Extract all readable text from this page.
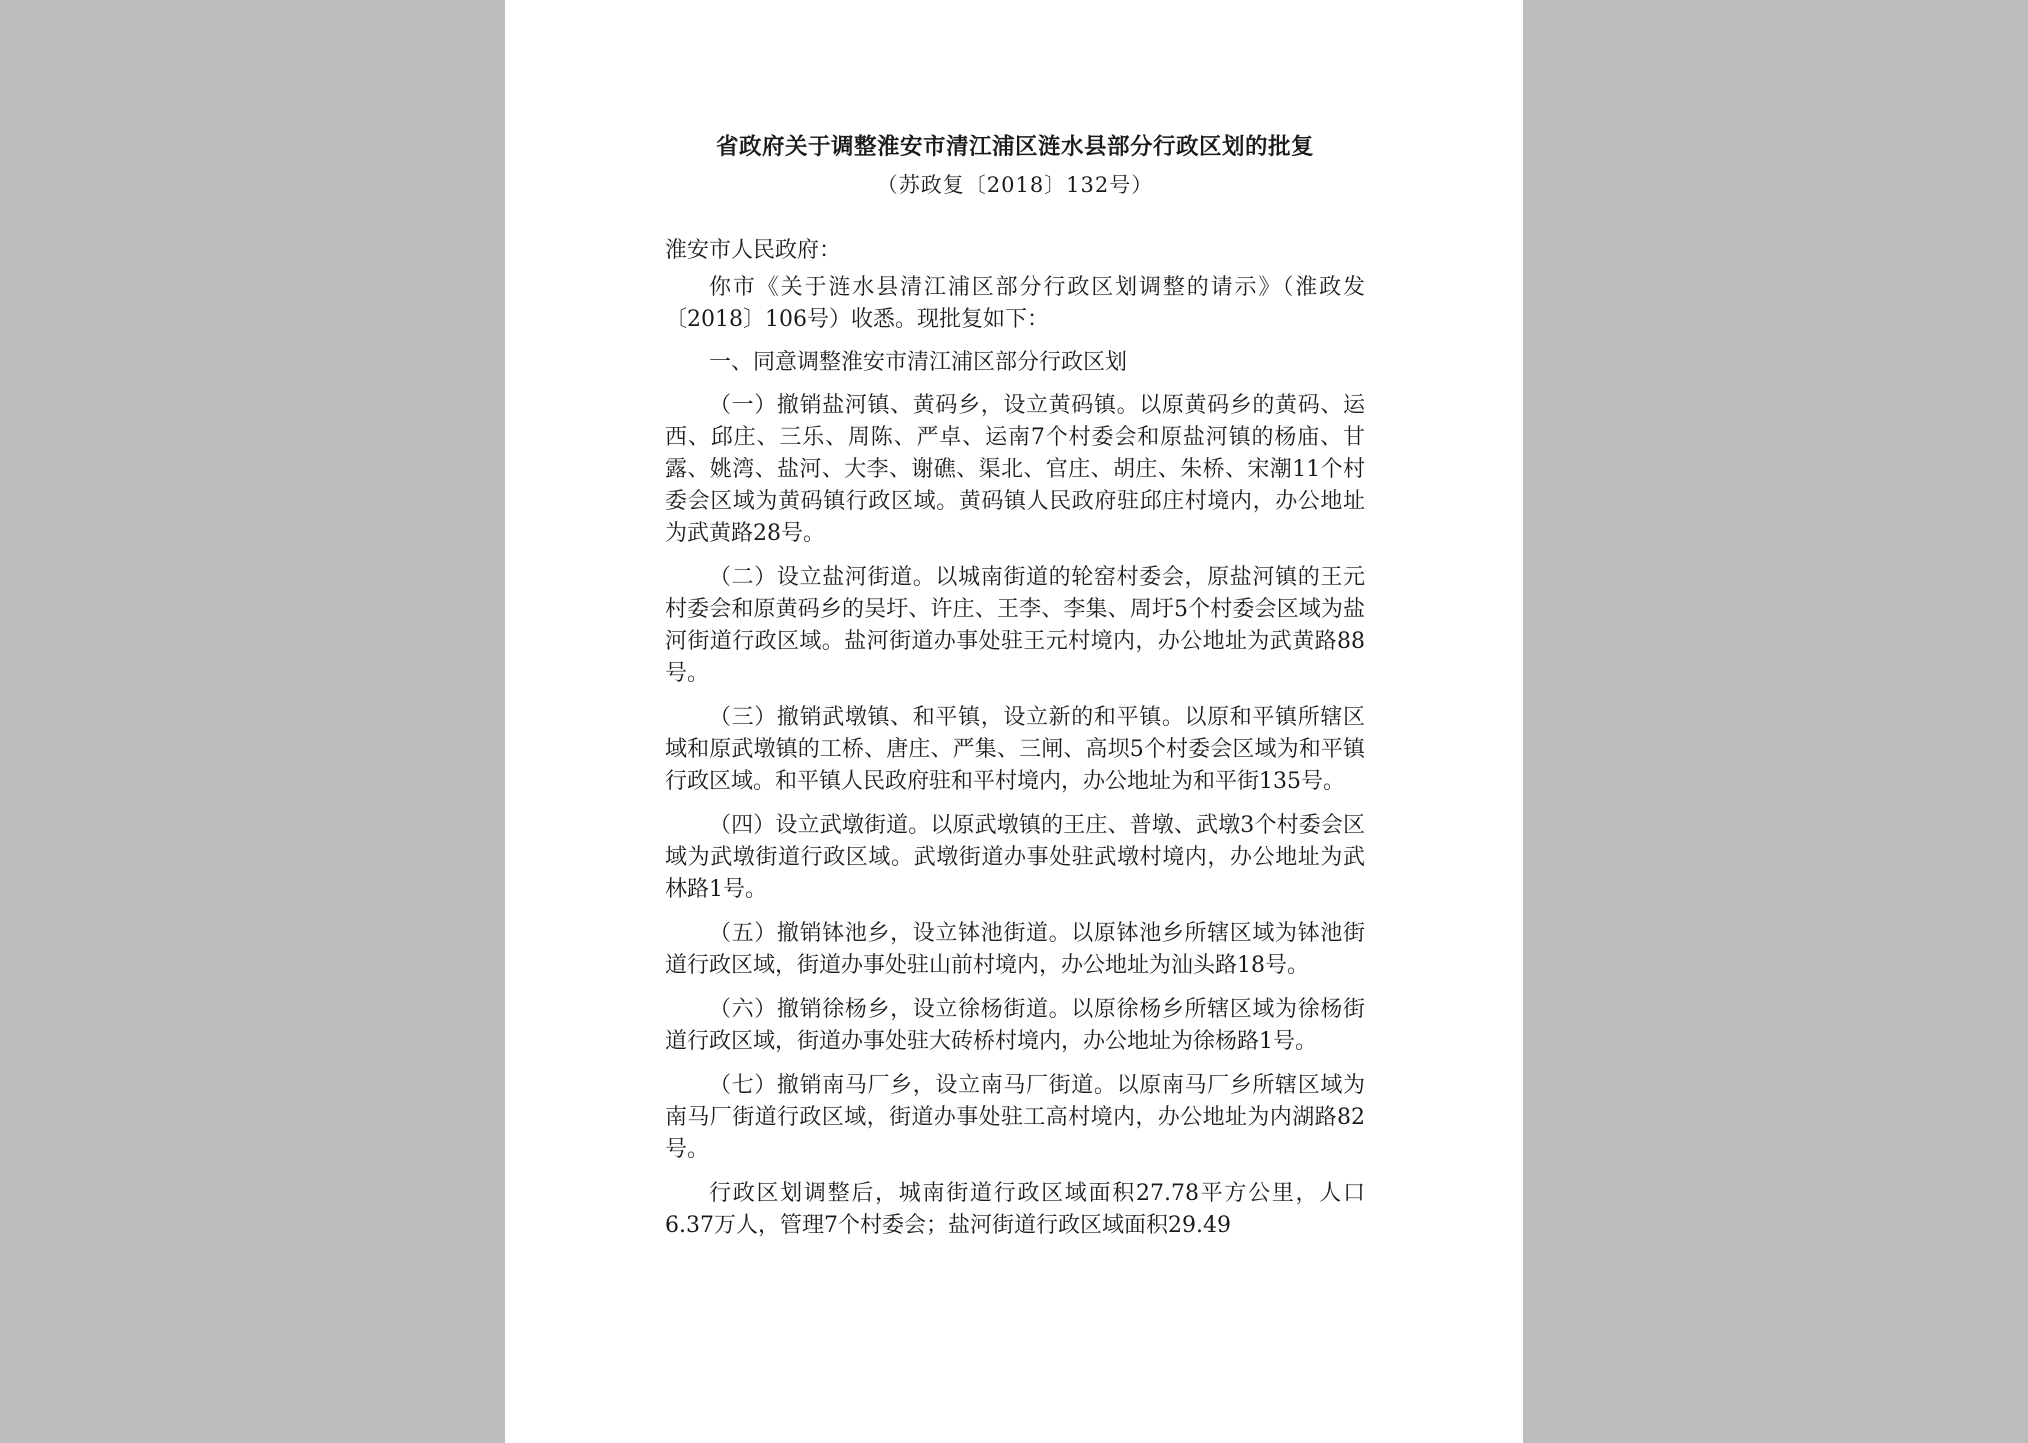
省政府关于调整淮安市清江浦区涟水县部分行政区划的批复

（苏政复〔2018〕132号）

淮安市人民政府：

你市《关于涟水县清江浦区部分行政区划调整的请示》（淮政发〔2018〕106号）收悉。现批复如下：

一、同意调整淮安市清江浦区部分行政区划

（一）撤销盐河镇、黄码乡，设立黄码镇。以原黄码乡的黄码、运西、邱庄、三乐、周陈、严卓、运南7个村委会和原盐河镇的杨庙、甘露、姚湾、盐河、大李、谢礁、渠北、官庄、胡庄、朱桥、宋潮11个村委会区域为黄码镇行政区域。黄码镇人民政府驻邱庄村境内，办公地址为武黄路28号。

（二）设立盐河街道。以城南街道的轮窑村委会，原盐河镇的王元村委会和原黄码乡的吴圩、许庄、王李、李集、周圩5个村委会区域为盐河街道行政区域。盐河街道办事处驻王元村境内，办公地址为武黄路88号。

（三）撤销武墩镇、和平镇，设立新的和平镇。以原和平镇所辖区域和原武墩镇的工桥、唐庄、严集、三闸、高坝5个村委会区域为和平镇行政区域。和平镇人民政府驻和平村境内，办公地址为和平街135号。

（四）设立武墩街道。以原武墩镇的王庄、普墩、武墩3个村委会区域为武墩街道行政区域。武墩街道办事处驻武墩村境内，办公地址为武林路1号。

（五）撤销钵池乡，设立钵池街道。以原钵池乡所辖区域为钵池街道行政区域，街道办事处驻山前村境内，办公地址为汕头路18号。

（六）撤销徐杨乡，设立徐杨街道。以原徐杨乡所辖区域为徐杨街道行政区域，街道办事处驻大砖桥村境内，办公地址为徐杨路1号。

（七）撤销南马厂乡，设立南马厂街道。以原南马厂乡所辖区域为南马厂街道行政区域，街道办事处驻工高村境内，办公地址为内湖路82号。

行政区划调整后，城南街道行政区域面积27.78平方公里，人口6.37万人，管理7个村委会；盐河街道行政区域面积29.49
